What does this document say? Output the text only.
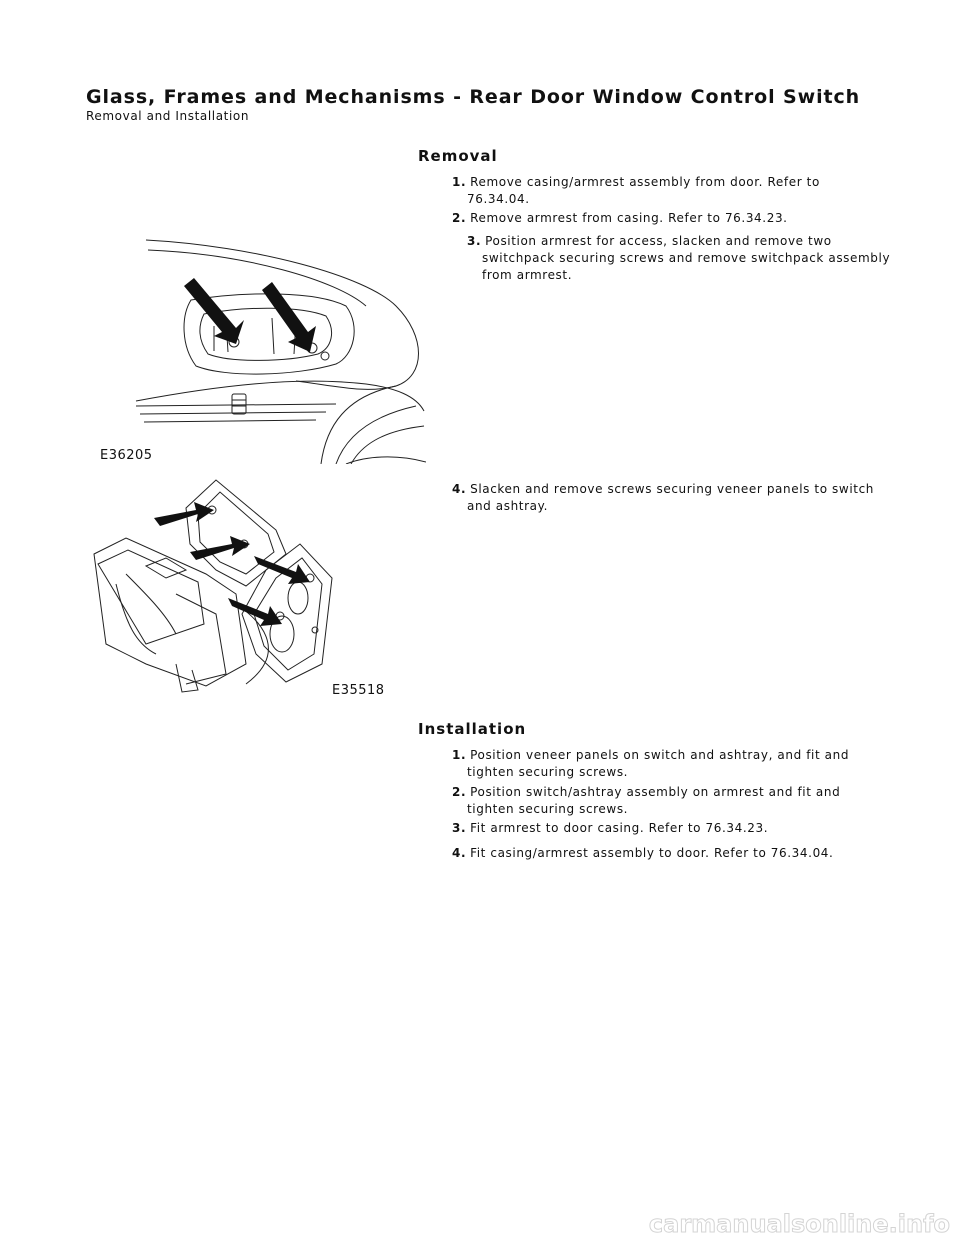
Glass, Frames and Mechanisms - Rear Door Window Control Switch
Removal and Installation
Removal
1. Remove casing/armrest assembly from door. Refer to
76.34.04.
2. Remove armrest from casing. Refer to 76.34.23.
3. Position armrest for access, slacken and remove two
switchpack securing screws and remove switchpack assembly
from armrest.
E36205
4. Slacken and remove screws securing veneer panels to switch
and ashtray.
E35518
Installation
1. Position veneer panels on switch and ashtray, and fit and
tighten securing screws.
2. Position switch/ashtray assembly on armrest and fit and
tighten securing screws.
3. Fit armrest to door casing. Refer to 76.34.23.
4. Fit casing/armrest assembly to door. Refer to 76.34.04.
carmanualsonline.info
